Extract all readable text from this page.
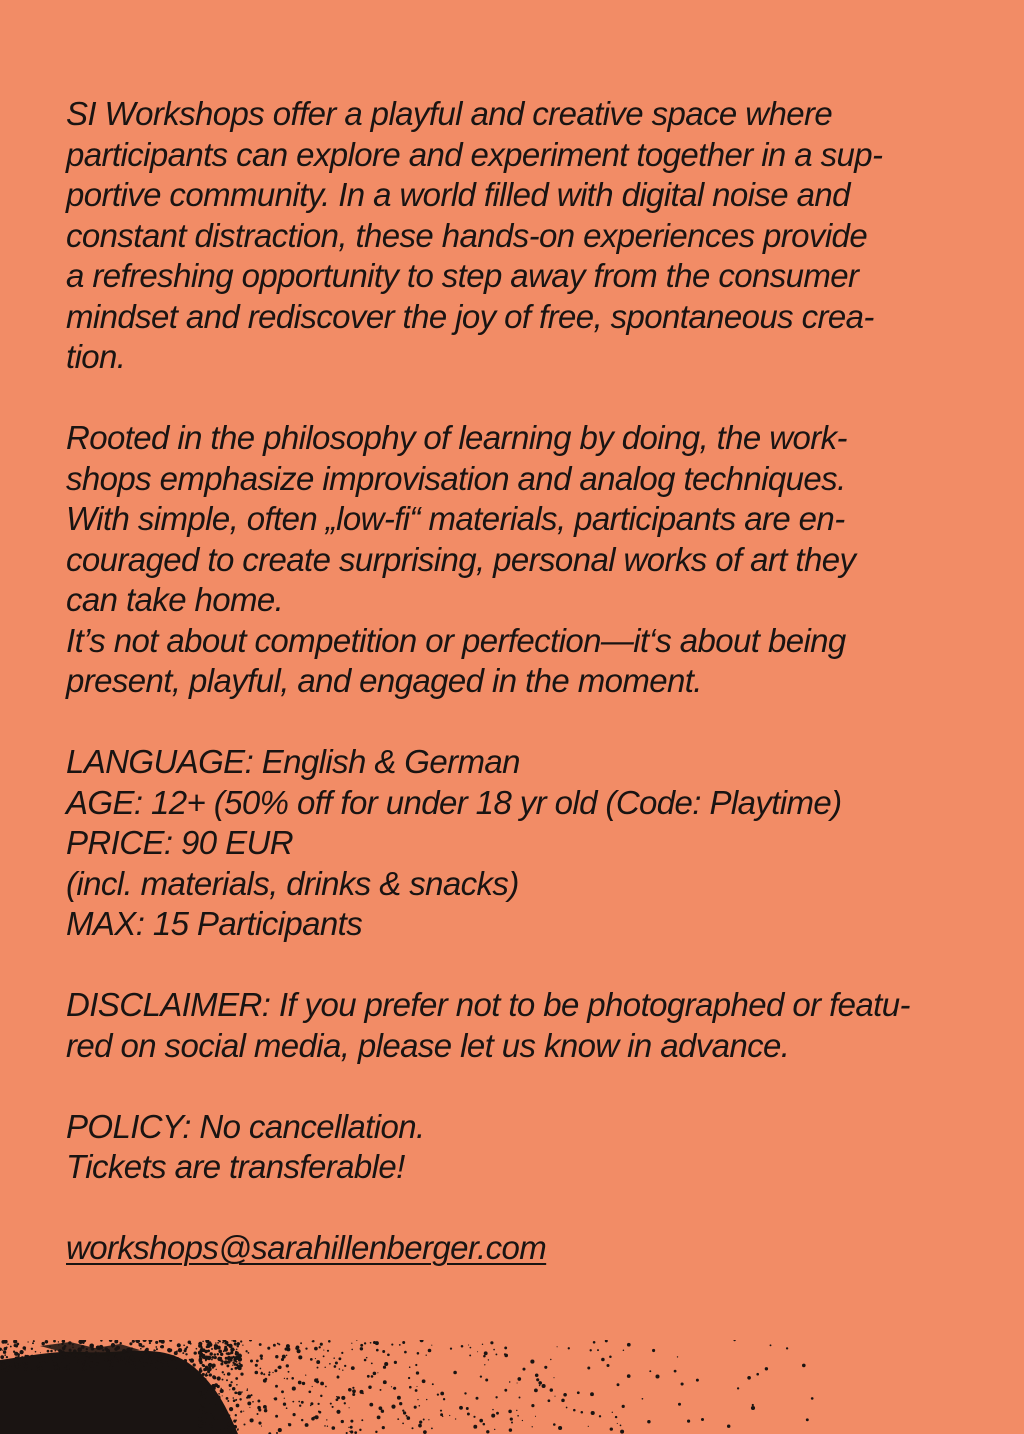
SI Workshops offer a playful and creative space where
participants can explore and experiment together in a sup-
portive community. In a world filled with digital noise and
constant distraction, these hands-on experiences provide
a refreshing opportunity to step away from the consumer
mindset and rediscover the joy of free, spontaneous crea-
tion.
Rooted in the philosophy of learning by doing, the work-
shops emphasize improvisation and analog techniques.
With simple, often „low-fi“ materials, participants are en-
couraged to create surprising, personal works of art they
can take home.
It’s not about competition or perfection—it‘s about being
present, playful, and engaged in the moment.
LANGUAGE: English & German
AGE: 12+ (50% off for under 18 yr old (Code: Playtime)
PRICE: 90 EUR
(incl. materials, drinks & snacks)
MAX: 15 Participants
DISCLAIMER: If you prefer not to be photographed or featu-
red on social media, please let us know in advance.
POLICY: No cancellation.
Tickets are transferable!
workshops@sarahillenberger.com
